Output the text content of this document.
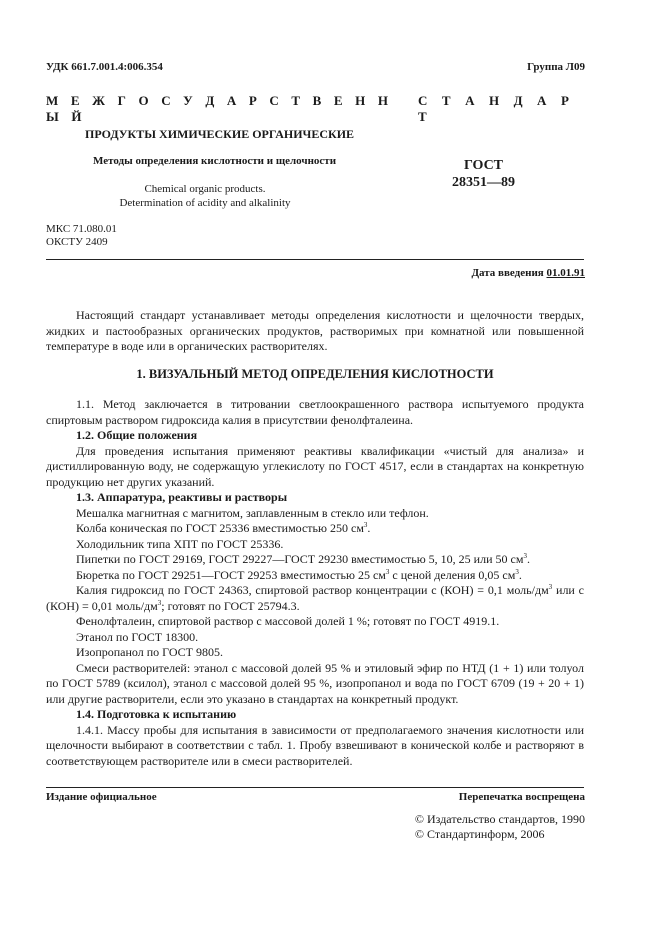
УДК 661.7.001.4:006.354	Группа Л09
М Е Ж Г О С У Д А Р С Т В Е Н НЫ Й
С Т А Н Д А РТ
ПРОДУКТЫ ХИМИЧЕСКИЕ ОРГАНИЧЕСКИЕ
Методы определения кислотности и щелочности
Chemical organic products.
Determination of acidity and alkalinity
ГОСТ
28351—89
МКС 71.080.01
ОКСТУ 2409
Дата введения 01.01.91

Настоящий стандарт устанавливает методы определения кислотности и щелочности твердых, жидких и пастообразных органических продуктов, растворимых при комнатной или повышенной температуре в воде или в органических растворителях.

1. ВИЗУАЛЬНЫЙ МЕТОД ОПРЕДЕЛЕНИЯ КИСЛОТНОСТИ

1.1. Метод заключается в титровании светлоокрашенного раствора испытуемого продукта спиртовым раствором гидроксида калия в присутствии фенолфталеина.

1.2. Общие положения

Для проведения испытания применяют реактивы квалификации «чистый для анализа» и дистиллированную воду, не содержащую углекислоту по ГОСТ 4517, если в стандартах на конкретную продукцию нет других указаний.

1.3. Аппаратура, реактивы и растворы

Мешалка магнитная с магнитом, заплавленным в стекло или тефлон.

Колба коническая по ГОСТ 25336 вместимостью 250 $см^3$.

Холодильник типа ХПТ по ГОСТ 25336.

Пипетки по ГОСТ 29169, ГОСТ 29227—ГОСТ 29230 вместимостью 5, 10, 25 или 50 $см^3$.

Бюретка по ГОСТ 29251—ГОСТ 29253 вместимостью 25 $см^3$ с ценой деления 0,05 $см^3$.

Калия гидроксид по ГОСТ 24363, спиртовой раствор концентрации c (КОН) = 0,1 моль/$дм^3$ или c (КОН) = 0,01 моль/$дм^3$; готовят по ГОСТ 25794.3.

Фенолфталеин, спиртовой раствор с массовой долей 1 %; готовят по ГОСТ 4919.1.

Этанол по ГОСТ 18300.

Изопропанол по ГОСТ 9805.

Смеси растворителей: этанол с массовой долей 95 % и этиловый эфир по НТД (1 + 1) или толуол по ГОСТ 5789 (ксилол), этанол с массовой долей 95 %, изопропанол и вода по ГОСТ 6709 (19 + 20 + 1) или другие растворители, если это указано в стандартах на конкретный продукт.

1.4. Подготовка к испытанию

1.4.1. Массу пробы для испытания в зависимости от предполагаемого значения кислотности или щелочности выбирают в соответствии с табл. 1. Пробу взвешивают в конической колбе и растворяют в соответствующем растворителе или в смеси растворителей.

Издание официальное	Перепечатка воспрещена
© Издательство стандартов, 1990
© Стандартинформ, 2006
